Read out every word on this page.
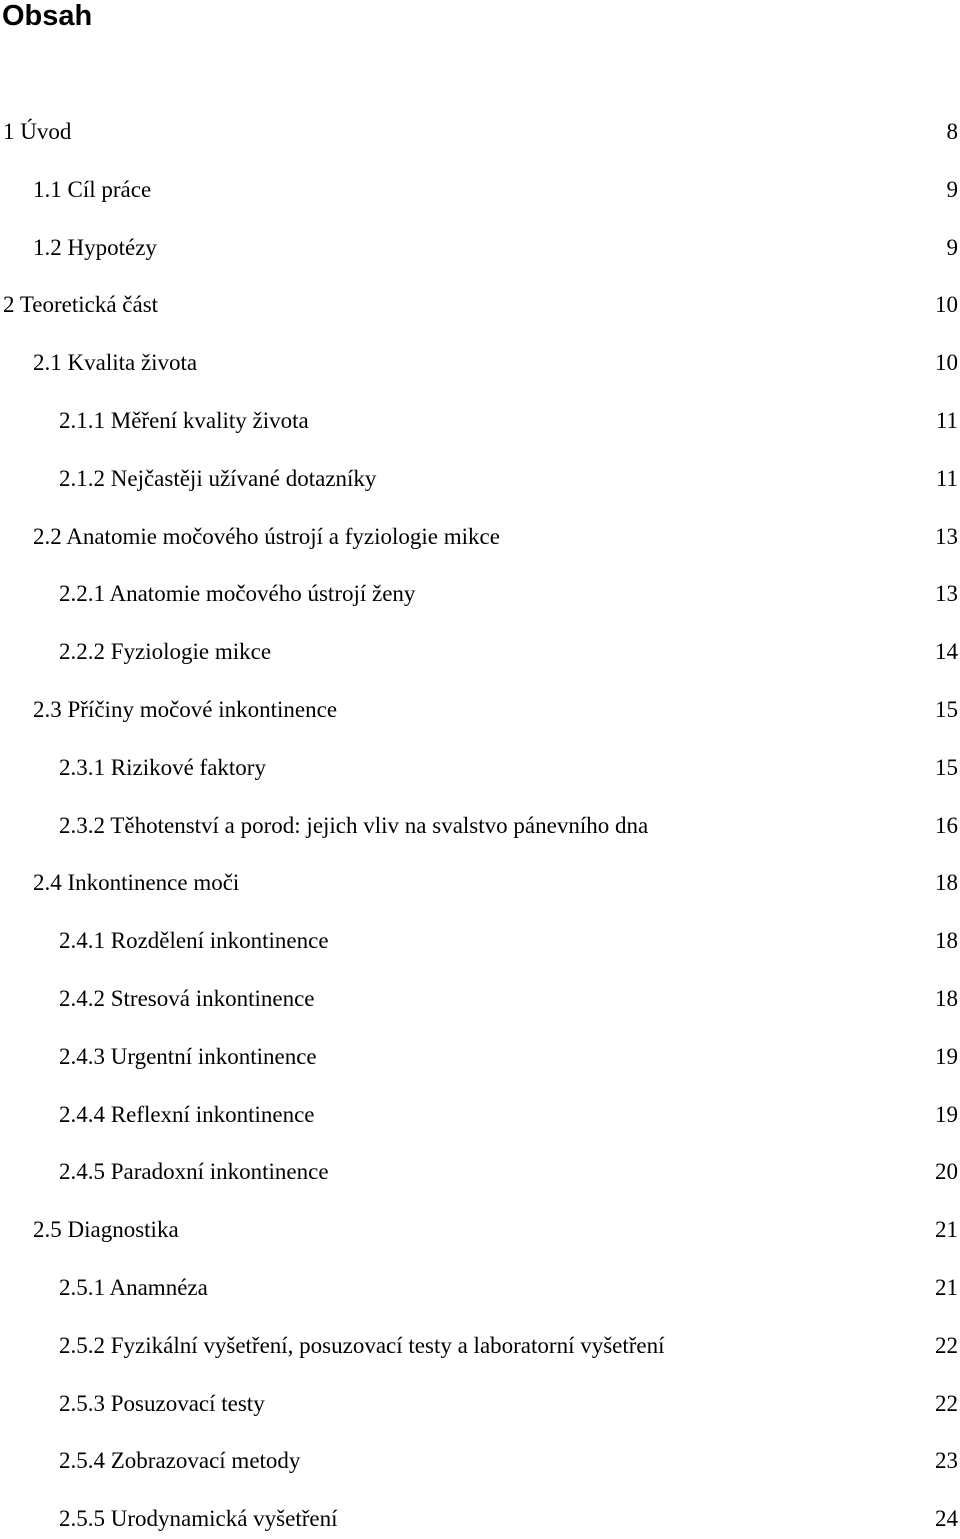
Obsah
1 Úvod	8
1.1 Cíl práce	9
1.2 Hypotézy	9
2 Teoretická část	10
2.1 Kvalita života	10
2.1.1 Měření kvality života	11
2.1.2 Nejčastěji užívané dotazníky	11
2.2 Anatomie močového ústrojí a fyziologie mikce	13
2.2.1 Anatomie močového ústrojí ženy	13
2.2.2 Fyziologie mikce	14
2.3 Příčiny močové inkontinence	15
2.3.1 Rizikové faktory	15
2.3.2 Těhotenství a porod: jejich vliv na svalstvo pánevního dna	16
2.4 Inkontinence moči	18
2.4.1 Rozdělení inkontinence	18
2.4.2 Stresová inkontinence	18
2.4.3 Urgentní inkontinence	19
2.4.4 Reflexní inkontinence	19
2.4.5 Paradoxní inkontinence	20
2.5 Diagnostika	21
2.5.1 Anamnéza	21
2.5.2 Fyzikální vyšetření, posuzovací testy a laboratorní vyšetření	22
2.5.3 Posuzovací testy	22
2.5.4 Zobrazovací metody	23
2.5.5 Urodynamická vyšetření	24
